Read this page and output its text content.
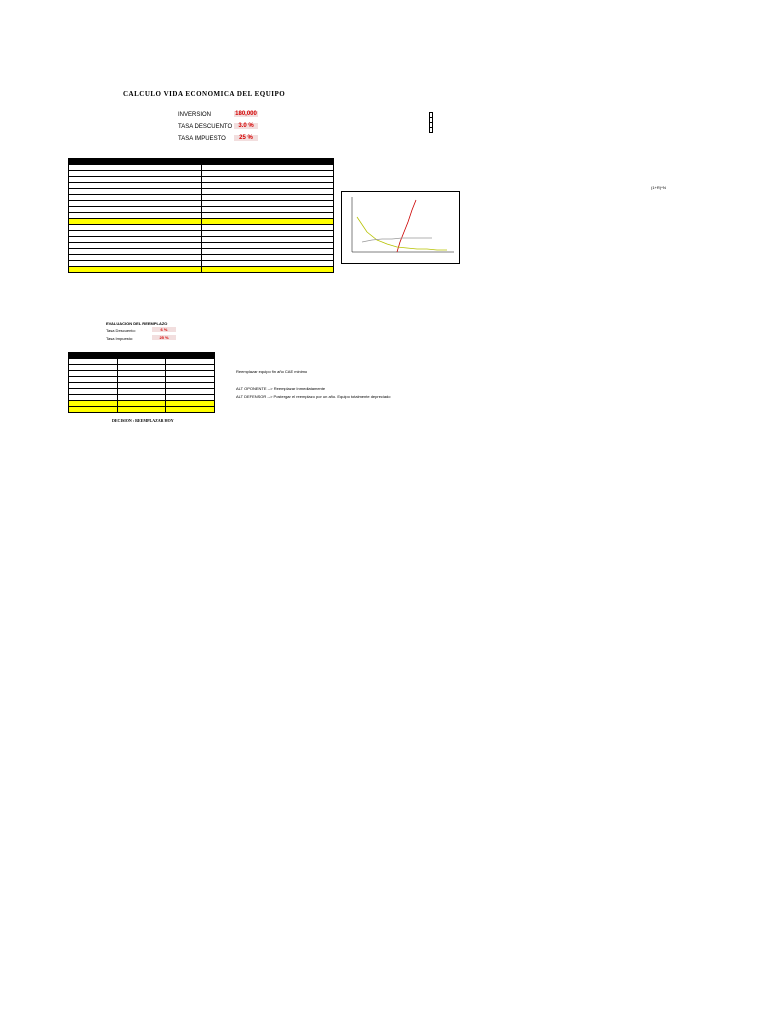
CALCULO VIDA ECONOMICA DEL EQUIPO
INVERSION	180,000
TASA DESCUENTO	3.0 %
TASA IMPUESTO	25 %

(1+R)^N

EVALUACION DEL REEMPLAZO
Tasa Descuento:	6 %
Tasa Impuesto:	25 %

DECISION : REEMPLAZAR HOY
Reemplazar equipo fin año CAE minimo
ALT OPONENTE --> Reemplazar Inmediatamente
ALT DEFENSOR --> Postergar el reemplazo por un año. Equipo totalmente depreciado
